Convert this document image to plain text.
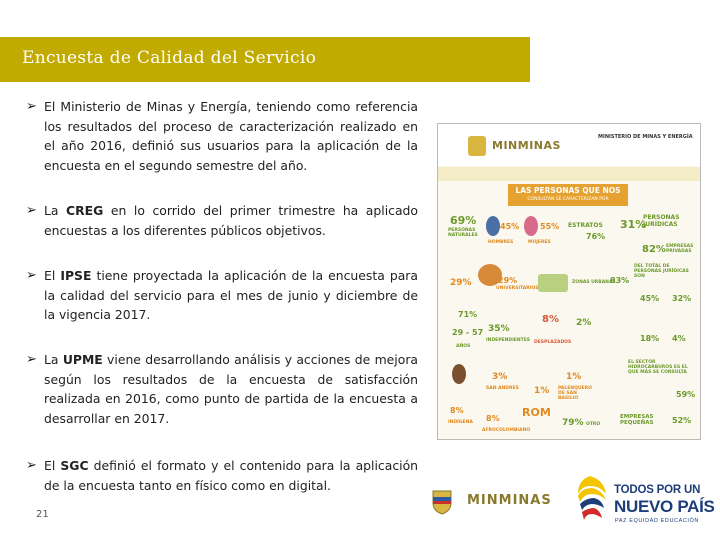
Encuesta de Calidad del Servicio
➢ El Ministerio de Minas y Energía, teniendo como referencia los resultados del proceso de caracterización realizado en el año 2016, definió sus usuarios para la aplicación de la encuesta en el segundo semestre del año.
➢ La CREG en lo corrido del primer trimestre ha aplicado encuestas a los diferentes públicos objetivos.
➢ El IPSE tiene proyectada la aplicación de la encuesta para la calidad del servicio para el mes de junio y diciembre de la vigencia 2017.
➢ La UPME viene desarrollando análisis y acciones de mejora según los resultados de la encuesta de satisfacción realizada en 2016, como punto de partida de la encuesta a desarrollar en 2017.
➢ El SGC definió el formato y el contenido para la aplicación de la encuesta tanto en físico como en digital.
MINMINAS
MINISTERIO DE MINAS Y ENERGÍA
LAS PERSONAS QUE NOS
CONSULTAN SE CARACTERIZAN POR
69%
PERSONAS NATURALES
45%
HOMBRES
55%
MUJERES
ESTRATOS
76%
31%
PERSONAS JURÍDICAS
82% EMPRESAS PRIVADAS
29%	29%
UNIVERSITARIOS
ZONAS URBANAS
83%
DEL TOTAL DE PERSONAS JURÍDICAS SON
45% 32%
71%
29 - 57
AÑOS
35%
INDEPENDIENTES
8%
DESPLAZADOS
2%
18% 4%
3%
SAN ANDRES 1%
1%
PALENQUERO DE SAN BASILIO
EL SECTOR HIDROCARBUROS ES EL QUE MÁS SE CONSULTA
59%
8%
INDÍGENA 8%
AFROCOLOMBIANO
ROM
79% OTRO
EMPRESAS PEQUEÑAS	52%
21
MINMINAS
TODOS POR UN
NUEVO PAÍS
PAZ EQUIDAD EDUCACIÓN
